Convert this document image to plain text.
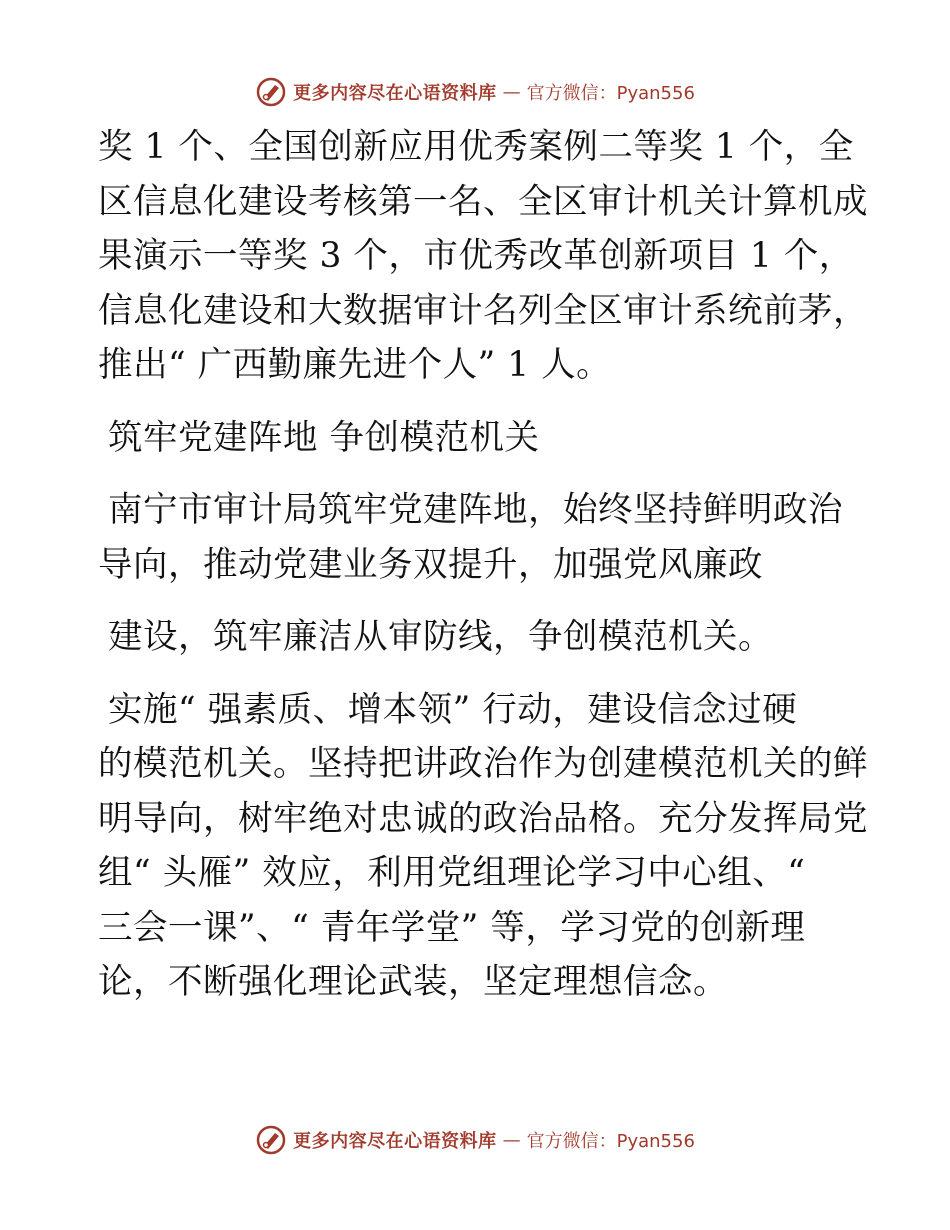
更多内容尽在心语资料库 — 官方微信：Pyan556

奖 1 个、全国创新应用优秀案例二等奖 1 个，全

区信息化建设考核第一名、全区审计机关计算机成

果演示一等奖 3 个，市优秀改革创新项目 1 个，

信息化建设和大数据审计名列全区审计系统前茅，

推出“ 广西勤廉先进个人” 1 人。

筑牢党建阵地 争创模范机关

南宁市审计局筑牢党建阵地，始终坚持鲜明政治

导向，推动党建业务双提升，加强党风廉政

建设，筑牢廉洁从审防线，争创模范机关。

实施“ 强素质、增本领” 行动，建设信念过硬

的模范机关。坚持把讲政治作为创建模范机关的鲜

明导向，树牢绝对忠诚的政治品格。充分发挥局党

组“ 头雁” 效应，利用党组理论学习中心组、“

三会一课”、“ 青年学堂” 等，学习党的创新理

论，不断强化理论武装，坚定理想信念。

更多内容尽在心语资料库 — 官方微信：Pyan556
